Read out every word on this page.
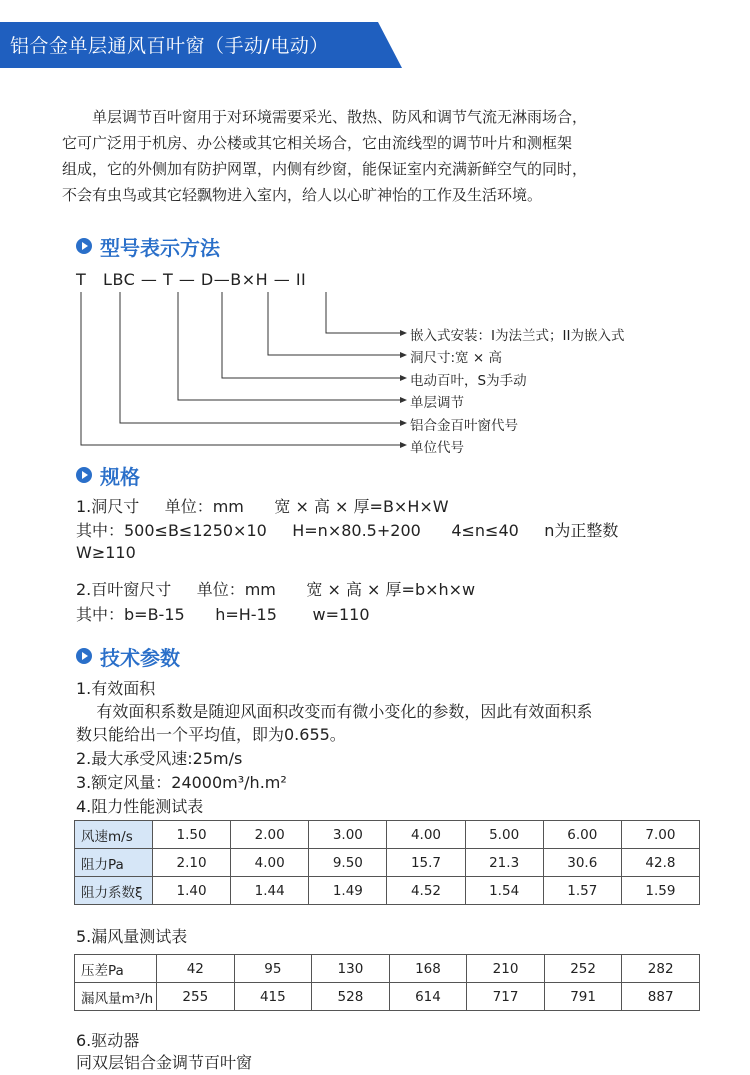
铝合金单层通风百叶窗（手动/电动）

单层调节百叶窗用于对环境需要采光、散热、防风和调节气流无淋雨场合，

它可广泛用于机房、办公楼或其它相关场合，它由流线型的调节叶片和测框架
组成，它的外侧加有防护网罩，内侧有纱窗，能保证室内充满新鲜空气的同时，
不会有虫鸟或其它轻飘物进入室内，给人以心旷神怡的工作及生活环境。
型号表示方法
T   LBC — T — D—B×H — II
嵌入式安装：I为法兰式；II为嵌入式
洞尺寸:宽 × 高
电动百叶，S为手动
单层调节
铝合金百叶窗代号
单位代号
规格
1.洞尺寸     单位：mm      宽 × 高 × 厚=B×H×W
其中：500≤B≤1250×10     H=n×80.5+200      4≤n≤40     n为正整数
W≥110
2.百叶窗尺寸     单位：mm      宽 × 高 × 厚=b×h×w
其中：b=B-15      h=H-15       w=110
技术参数
1.有效面积
有效面积系数是随迎风面积改变而有微小变化的参数，因此有效面积系
数只能给出一个平均值，即为0.655。
2.最大承受风速:25m/s
3.额定风量：24000m³/h.m²
4.阻力性能测试表
风速m/s	1.50	2.00	3.00	4.00	5.00	6.00	7.00
阻力Pa	2.10	4.00	9.50	15.7	21.3	30.6	42.8
阻力系数ξ	1.40	1.44	1.49	4.52	1.54	1.57	1.59
5.漏风量测试表
压差Pa	42	95	130	168	210	252	282
漏风量m³/h	255	415	528	614	717	791	887
6.驱动器
同双层铝合金调节百叶窗
